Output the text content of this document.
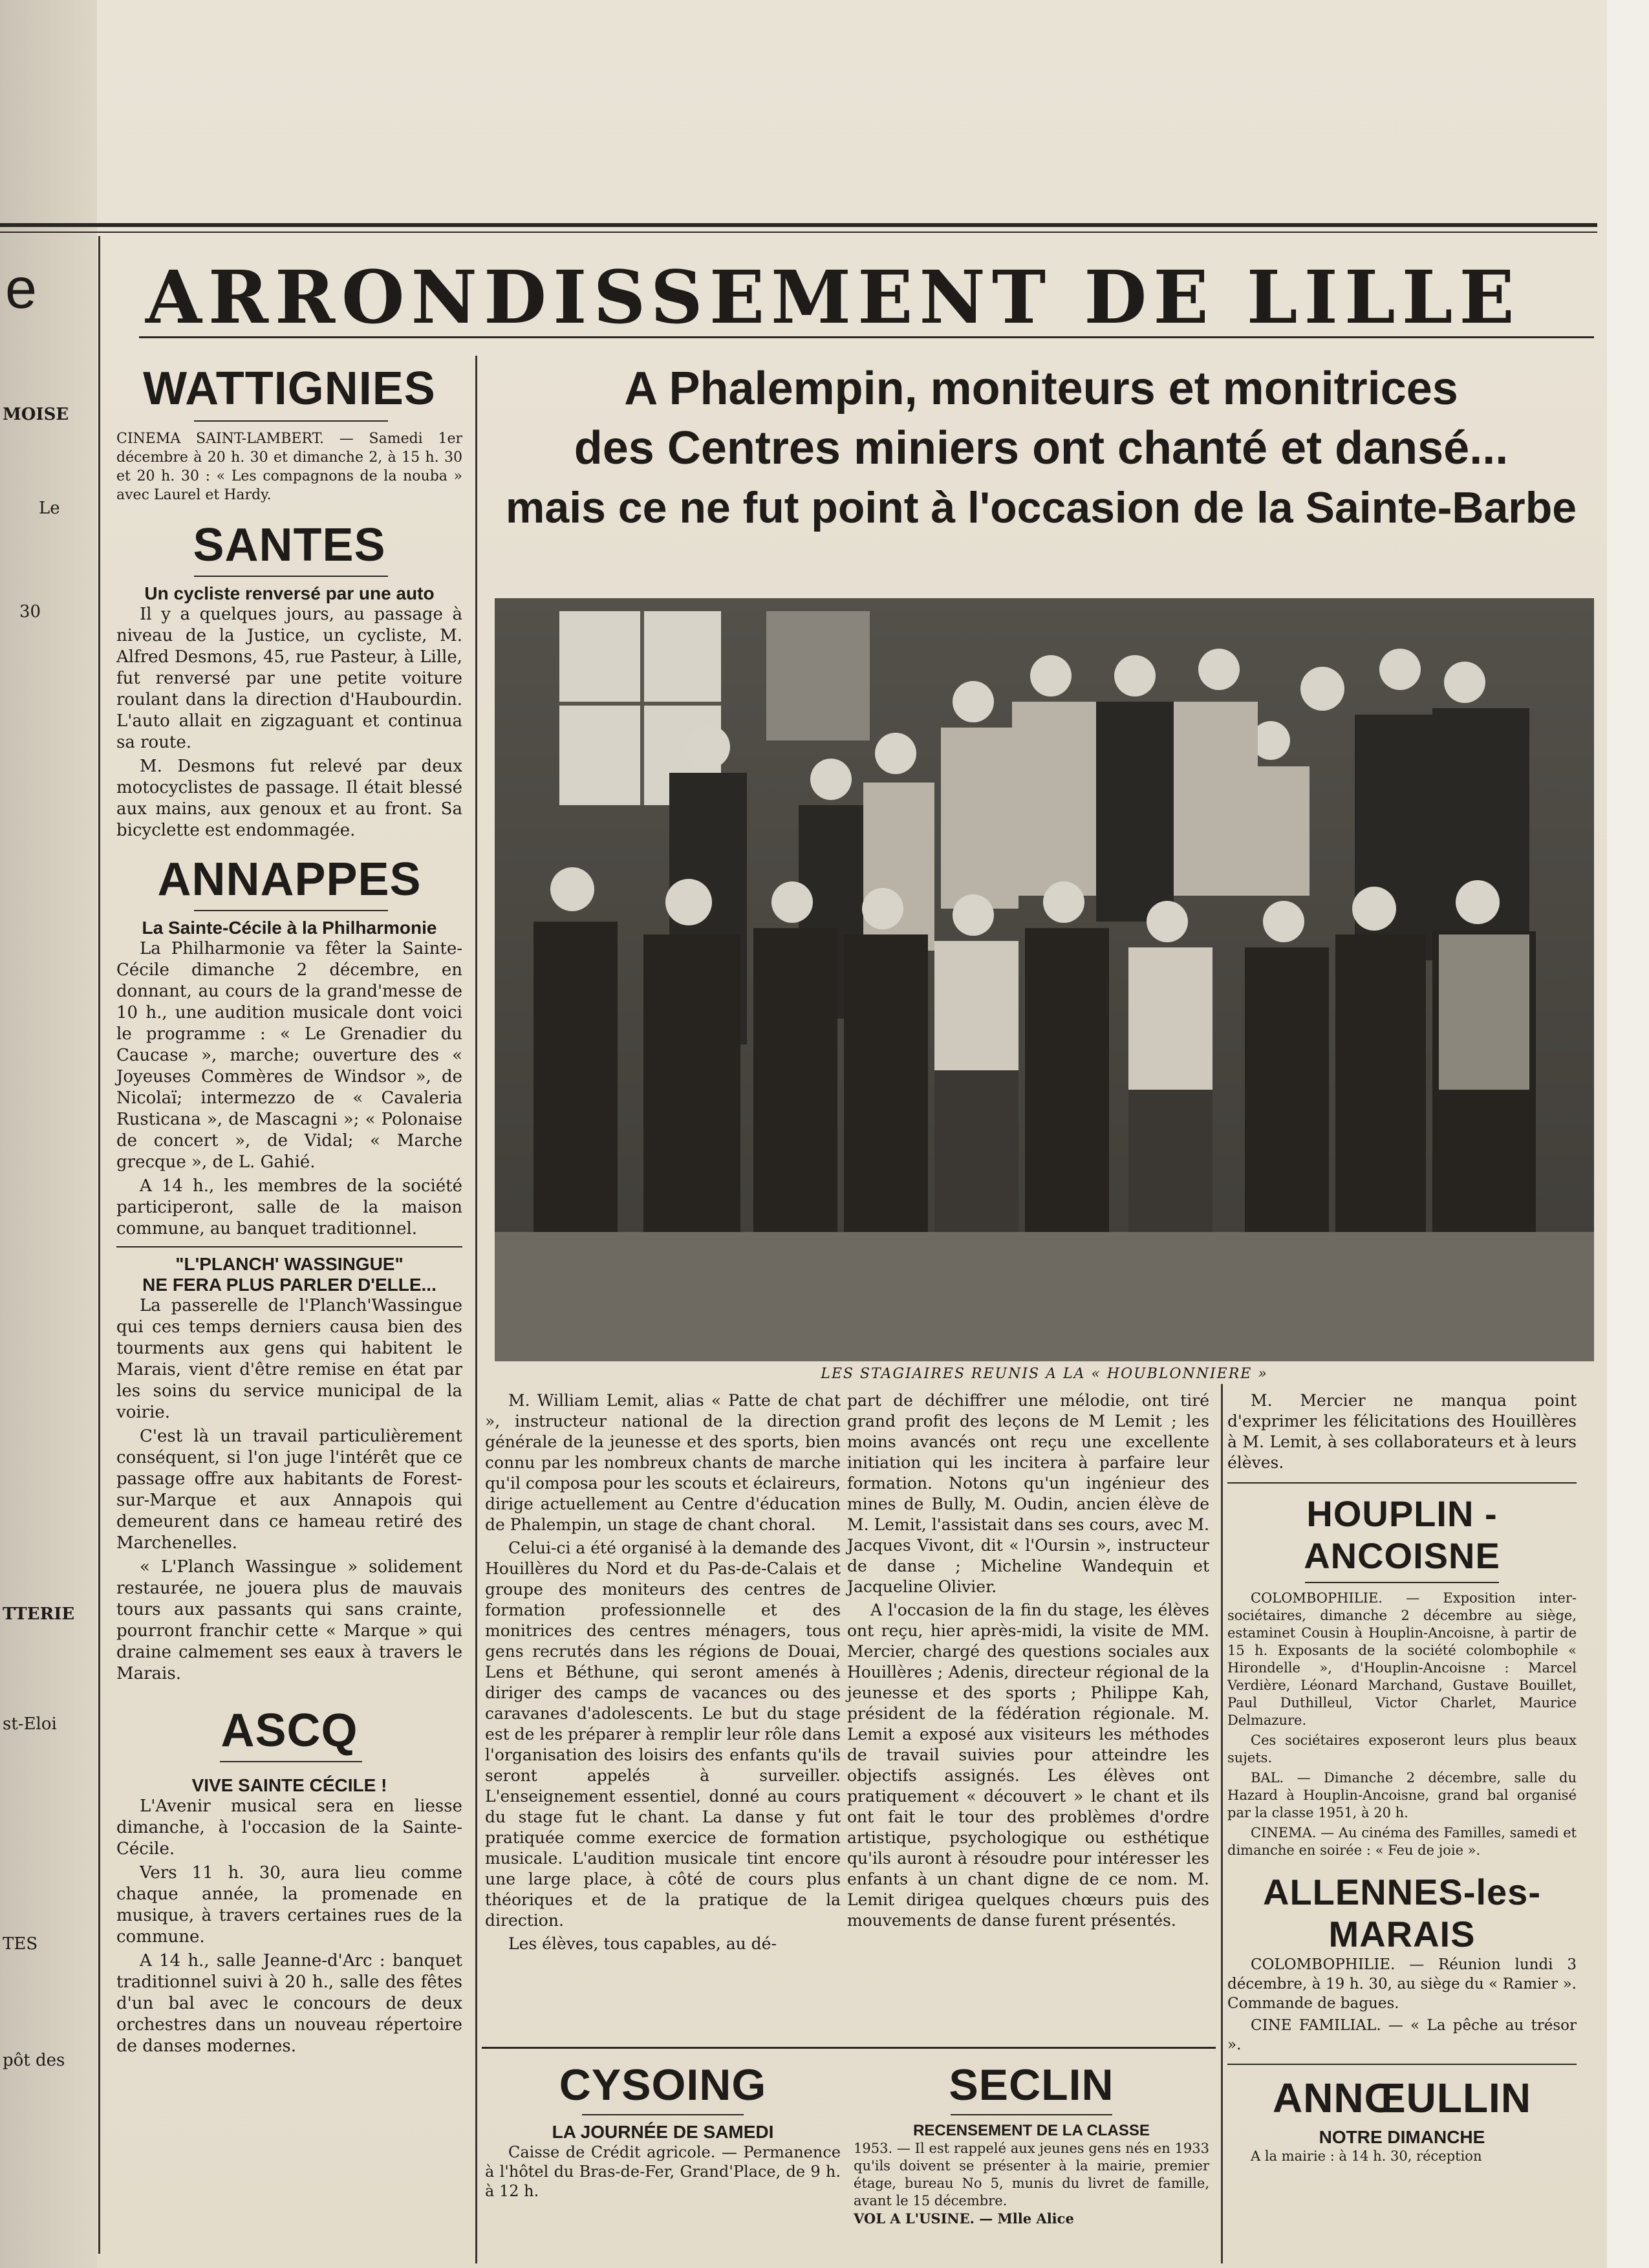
e
MOISE
30
Le
st-Eloi
TTERIE
TES
pôt des
ARRONDISSEMENT DE LILLE
WATTIGNIES

CINEMA SAINT-LAMBERT. — Samedi 1er décembre à 20 h. 30 et dimanche 2, à 15 h. 30 et 20 h. 30 : « Les compagnons de la nouba » avec Laurel et Hardy.

SANTES

Un cycliste renversé par une auto

Il y a quelques jours, au passage à niveau de la Justice, un cycliste, M. Alfred Desmons, 45, rue Pasteur, à Lille, fut renversé par une petite voiture roulant dans la direction d'Haubourdin. L'auto allait en zigzaguant et continua sa route.

M. Desmons fut relevé par deux motocyclistes de passage. Il était blessé aux mains, aux genoux et au front. Sa bicyclette est endommagée.

ANNAPPES

La Sainte-Cécile à la Philharmonie

La Philharmonie va fêter la Sainte-Cécile dimanche 2 décembre, en donnant, au cours de la grand'messe de 10 h., une audition musicale dont voici le programme : « Le Grenadier du Caucase », marche; ouverture des « Joyeuses Commères de Windsor », de Nicolaï; intermezzo de « Cavaleria Rusticana », de Mascagni »; « Polonaise de concert », de Vidal; « Marche grecque », de L. Gahié.

A 14 h., les membres de la société participeront, salle de la maison commune, au banquet traditionnel.

"L'PLANCH' WASSINGUE"

NE FERA PLUS PARLER D'ELLE...

La passerelle de l'Planch'Wassingue qui ces temps derniers causa bien des tourments aux gens qui habitent le Marais, vient d'être remise en état par les soins du service municipal de la voirie.

C'est là un travail particulièrement conséquent, si l'on juge l'intérêt que ce passage offre aux habitants de Forest-sur-Marque et aux Annapois qui demeurent dans ce hameau retiré des Marchenelles.

« L'Planch Wassingue » solidement restaurée, ne jouera plus de mauvais tours aux passants qui sans crainte, pourront franchir cette « Marque » qui draine calmement ses eaux à travers le Marais.

ASCQ

VIVE SAINTE CÉCILE !

L'Avenir musical sera en liesse dimanche, à l'occasion de la Sainte-Cécile.

Vers 11 h. 30, aura lieu comme chaque année, la promenade en musique, à travers certaines rues de la commune.

A 14 h., salle Jeanne-d'Arc : banquet traditionnel suivi à 20 h., salle des fêtes d'un bal avec le concours de deux orchestres dans un nouveau répertoire de danses modernes.

A Phalempin, moniteurs et monitrices
des Centres miniers ont chanté et dansé...
mais ce ne fut point à l'occasion de la Sainte-Barbe
LES STAGIAIRES REUNIS A LA « HOUBLONNIERE »

M. William Lemit, alias « Patte de chat », instructeur national de la direction générale de la jeunesse et des sports, bien connu par les nombreux chants de marche qu'il composa pour les scouts et éclaireurs, dirige actuellement au Centre d'éducation de Phalempin, un stage de chant choral.

Celui-ci a été organisé à la demande des Houillères du Nord et du Pas-de-Calais et groupe des moniteurs des centres de formation professionnelle et des monitrices des centres ménagers, tous gens recrutés dans les régions de Douai, Lens et Béthune, qui seront amenés à diriger des camps de vacances ou des caravanes d'adolescents. Le but du stage est de les préparer à remplir leur rôle dans l'organisation des loisirs des enfants qu'ils seront appelés à surveiller. L'enseignement essentiel, donné au cours du stage fut le chant. La danse y fut pratiquée comme exercice de formation musicale. L'audition musicale tint encore une large place, à côté de cours plus théoriques et de la pratique de la direction.

Les élèves, tous capables, au dé-

part de déchiffrer une mélodie, ont tiré grand profit des leçons de M Lemit ; les moins avancés ont reçu une excellente initiation qui les incitera à parfaire leur formation. Notons qu'un ingénieur des mines de Bully, M. Oudin, ancien élève de M. Lemit, l'assistait dans ses cours, avec M. Jacques Vivont, dit « l'Oursin », instructeur de danse ; Micheline Wandequin et Jacqueline Olivier.

A l'occasion de la fin du stage, les élèves ont reçu, hier après-midi, la visite de MM. Mercier, chargé des questions sociales aux Houillères ; Adenis, directeur régional de la jeunesse et des sports ; Philippe Kah, président de la fédération régionale. M. Lemit a exposé aux visiteurs les méthodes de travail suivies pour atteindre les objectifs assignés. Les élèves ont pratiquement « découvert » le chant et ils ont fait le tour des problèmes d'ordre artistique, psychologique ou esthétique qu'ils auront à résoudre pour intéresser les enfants à un chant digne de ce nom. M. Lemit dirigea quelques chœurs puis des mouvements de danse furent présentés.

CYSOING

LA JOURNÉE DE SAMEDI

Caisse de Crédit agricole. — Permanence à l'hôtel du Bras-de-Fer, Grand'Place, de 9 h. à 12 h.

SECLIN

RECENSEMENT DE LA CLASSE

1953. — Il est rappelé aux jeunes gens nés en 1933 qu'ils doivent se présenter à la mairie, premier étage, bureau No 5, munis du livret de famille, avant le 15 décembre.

VOL A L'USINE. — Mlle Alice

M. Mercier ne manqua point d'exprimer les félicitations des Houillères à M. Lemit, à ses collaborateurs et à leurs élèves.

HOUPLIN - ANCOISNE

COLOMBOPHILIE. — Exposition inter-sociétaires, dimanche 2 décembre au siège, estaminet Cousin à Houplin-Ancoisne, à partir de 15 h. Exposants de la société colombophile « Hirondelle », d'Houplin-Ancoisne : Marcel Verdière, Léonard Marchand, Gustave Bouillet, Paul Duthilleul, Victor Charlet, Maurice Delmazure.

Ces sociétaires exposeront leurs plus beaux sujets.

BAL. — Dimanche 2 décembre, salle du Hazard à Houplin-Ancoisne, grand bal organisé par la classe 1951, à 20 h.

CINEMA. — Au cinéma des Familles, samedi et dimanche en soirée : « Feu de joie ».

ALLENNES-les-MARAIS

COLOMBOPHILIE. — Réunion lundi 3 décembre, à 19 h. 30, au siège du « Ramier ». Commande de bagues.

CINE FAMILIAL. — « La pêche au trésor ».

ANNŒULLIN

NOTRE DIMANCHE

A la mairie : à 14 h. 30, réception
